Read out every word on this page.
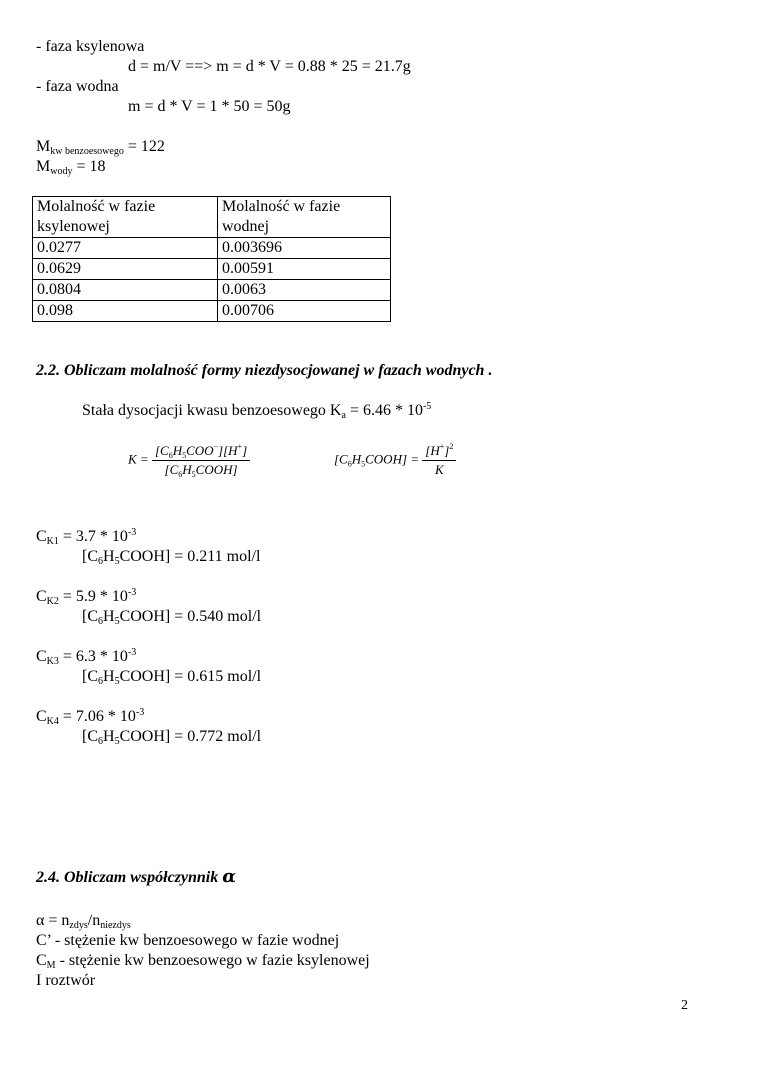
- faza ksylenowa
d = m/V ==> m = d * V = 0.88 * 25 = 21.7g
- faza wodna
m = d * V = 1 * 50 = 50g
$M_{kw benzoesowego} = 122$
$M_{wody} = 18$
Molalność w fazie ksylenowej	Molalność w fazie wodnej
0.0277	0.003696
0.0629	0.00591
0.0804	0.0063
0.098	0.00706
2.2. Obliczam molalność formy niezdysocjowanej w fazach wodnych .
Stała dysocjacji kwasu benzoesowego $K_a = 6.46 * 10^{-5}$
$K = \frac{[C_6H_5COO^-][H^+]}{[C_6H_5COOH]}$	$[C_6H_5COOH] = \frac{[H^+]^2}{K}$
$C_{K1} = 3.7 * 10^{-3}$
$[C_6H_5COOH] = 0.211$ mol/l
$C_{K2} = 5.9 * 10^{-3}$
$[C_6H_5COOH] = 0.540$ mol/l
$C_{K3} = 6.3 * 10^{-3}$
$[C_6H_5COOH] = 0.615$ mol/l
$C_{K4} = 7.06 * 10^{-3}$
$[C_6H_5COOH] = 0.772$ mol/l
2.4. Obliczam współczynnik α
$\alpha = n_{zdys}/n_{niezdys}$
C’ - stężenie kw benzoesowego w fazie wodnej
$C_M$ - stężenie kw benzoesowego w fazie ksylenowej
I roztwór
2
